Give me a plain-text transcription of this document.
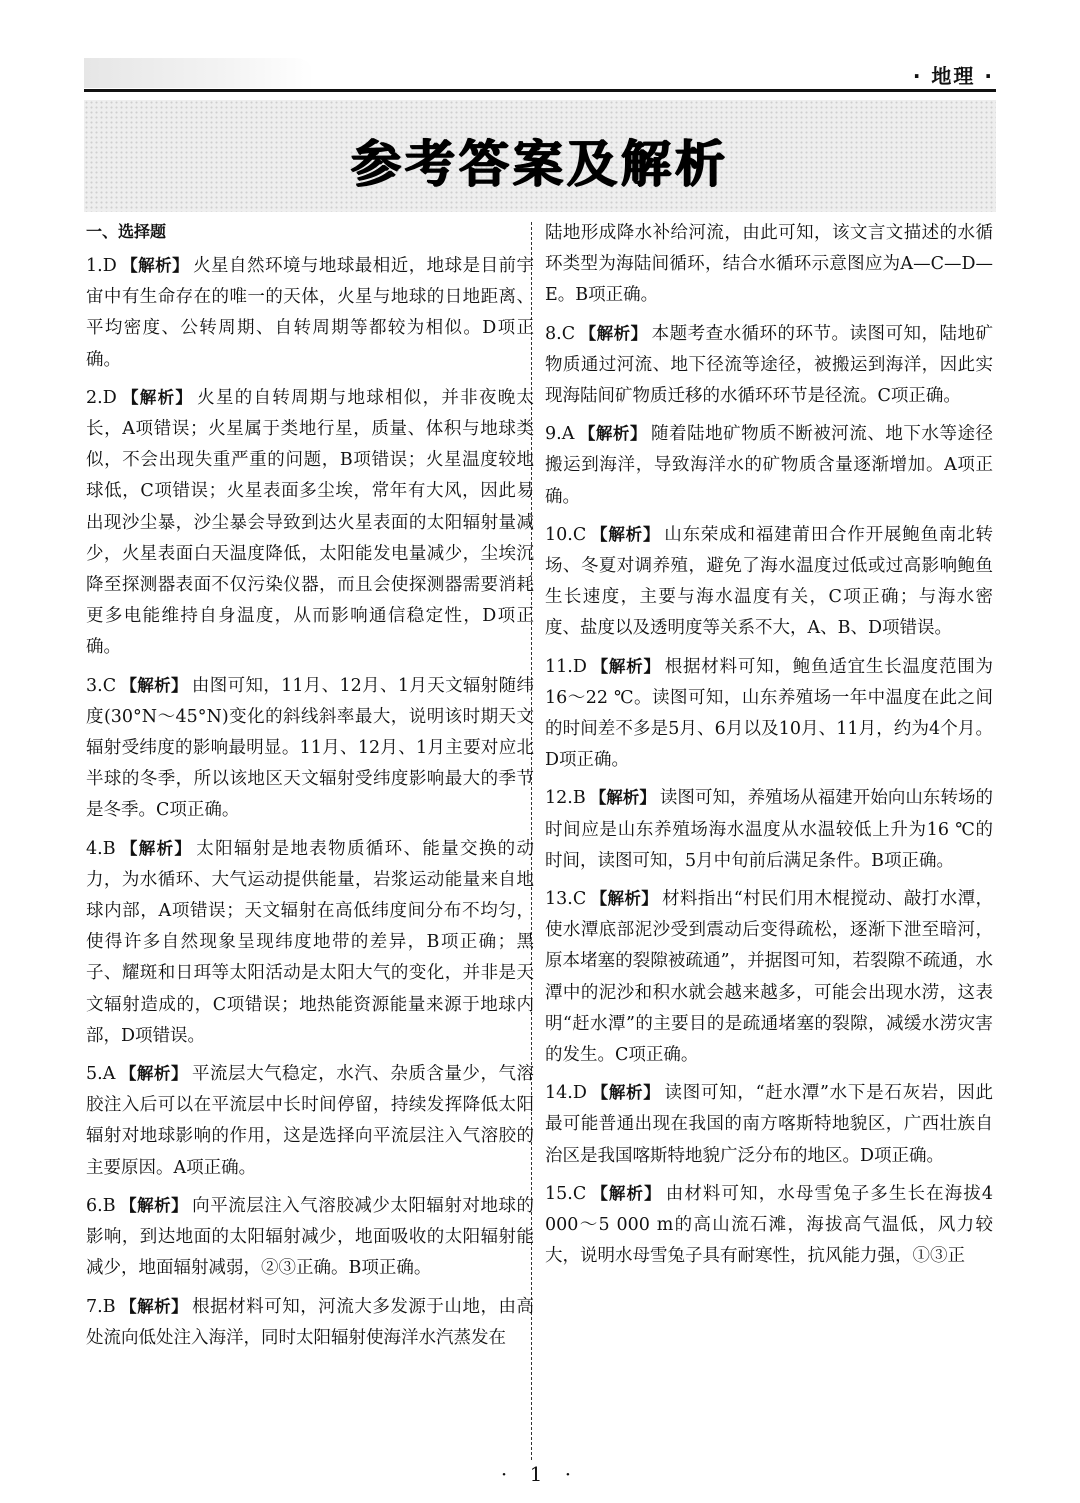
· 地理 ·
参考答案及解析
一、选择题
1.D 【解析】 火星自然环境与地球最相近，地球是目前宇宙中有生命存在的唯一的天体，火星与地球的日地距离、平均密度、公转周期、自转周期等都较为相似。D项正确。
2.D 【解析】 火星的自转周期与地球相似，并非夜晚太长，A项错误；火星属于类地行星，质量、体积与地球类似，不会出现失重严重的问题，B项错误；火星温度较地球低，C项错误；火星表面多尘埃，常年有大风，因此易出现沙尘暴，沙尘暴会导致到达火星表面的太阳辐射量减少，火星表面白天温度降低，太阳能发电量减少，尘埃沉降至探测器表面不仅污染仪器，而且会使探测器需要消耗更多电能维持自身温度，从而影响通信稳定性，D项正确。
3.C 【解析】 由图可知，11月、12月、1月天文辐射随纬度(30°N～45°N)变化的斜线斜率最大，说明该时期天文辐射受纬度的影响最明显。11月、12月、1月主要对应北半球的冬季，所以该地区天文辐射受纬度影响最大的季节是冬季。C项正确。
4.B 【解析】 太阳辐射是地表物质循环、能量交换的动力，为水循环、大气运动提供能量，岩浆运动能量来自地球内部，A项错误；天文辐射在高低纬度间分布不均匀，使得许多自然现象呈现纬度地带的差异，B项正确；黑子、耀斑和日珥等太阳活动是太阳大气的变化，并非是天文辐射造成的，C项错误；地热能资源能量来源于地球内部，D项错误。
5.A 【解析】 平流层大气稳定，水汽、杂质含量少，气溶胶注入后可以在平流层中长时间停留，持续发挥降低太阳辐射对地球影响的作用，这是选择向平流层注入气溶胶的主要原因。A项正确。
6.B 【解析】 向平流层注入气溶胶减少太阳辐射对地球的影响，到达地面的太阳辐射减少，地面吸收的太阳辐射能减少，地面辐射减弱，②③正确。B项正确。
7.B 【解析】 根据材料可知，河流大多发源于山地，由高处流向低处注入海洋，同时太阳辐射使海洋水汽蒸发在
陆地形成降水补给河流，由此可知，该文言文描述的水循环类型为海陆间循环，结合水循环示意图应为A—C—D—E。B项正确。
8.C 【解析】 本题考查水循环的环节。读图可知，陆地矿物质通过河流、地下径流等途径，被搬运到海洋，因此实现海陆间矿物质迁移的水循环环节是径流。C项正确。
9.A 【解析】 随着陆地矿物质不断被河流、地下水等途径搬运到海洋，导致海洋水的矿物质含量逐渐增加。A项正确。
10.C 【解析】 山东荣成和福建莆田合作开展鲍鱼南北转场、冬夏对调养殖，避免了海水温度过低或过高影响鲍鱼生长速度，主要与海水温度有关，C项正确；与海水密度、盐度以及透明度等关系不大，A、B、D项错误。
11.D 【解析】 根据材料可知，鲍鱼适宜生长温度范围为16～22 ℃。读图可知，山东养殖场一年中温度在此之间的时间差不多是5月、6月以及10月、11月，约为4个月。D项正确。
12.B 【解析】 读图可知，养殖场从福建开始向山东转场的时间应是山东养殖场海水温度从水温较低上升为16 ℃的时间，读图可知，5月中旬前后满足条件。B项正确。
13.C 【解析】 材料指出“村民们用木棍搅动、敲打水潭，使水潭底部泥沙受到震动后变得疏松，逐渐下泄至暗河，原本堵塞的裂隙被疏通”，并据图可知，若裂隙不疏通，水潭中的泥沙和积水就会越来越多，可能会出现水涝，这表明“赶水潭”的主要目的是疏通堵塞的裂隙，减缓水涝灾害的发生。C项正确。
14.D 【解析】 读图可知，“赶水潭”水下是石灰岩，因此最可能普通出现在我国的南方喀斯特地貌区，广西壮族自治区是我国喀斯特地貌广泛分布的地区。D项正确。
15.C 【解析】 由材料可知，水母雪兔子多生长在海拔4 000～5 000 m的高山流石滩，海拔高气温低，风力较大，说明水母雪兔子具有耐寒性，抗风能力强，①③正
· 1 ·
